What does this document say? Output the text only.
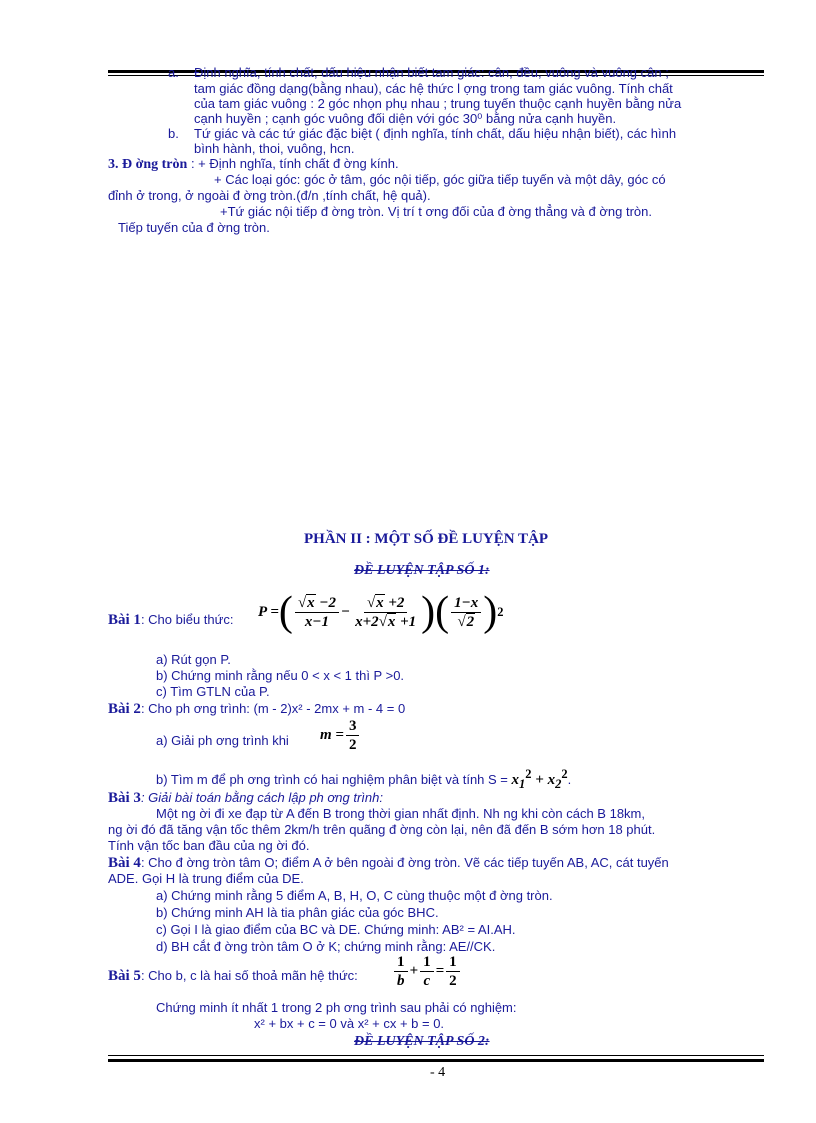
a. Định nghĩa, tính chất, dấu hiệu nhận biết tam giác: cân, đều, vuông và vuông cân ;
tam giác đồng dạng(bằng nhau), các hệ thức l ợng trong tam giác vuông. Tính chất
của tam giác vuông : 2 góc nhọn phụ nhau ; trung tuyến thuộc cạnh huyền bằng nửa
cạnh huyền ; cạnh góc vuông đối diện với góc 30⁰ bằng nửa cạnh huyền.
b. Tứ giác và các tứ giác đặc biệt ( định nghĩa, tính chất, dấu hiệu nhận biết), các hình
bình hành, thoi, vuông, hcn.
3. Đ ờng tròn : + Định nghĩa, tính chất đ ờng kính.
+ Các loại góc: góc ở tâm, góc nội tiếp, góc giữa tiếp tuyến và một dây, góc có
đỉnh ở trong, ở ngoài đ ờng tròn.(đ/n ,tính chất, hệ quả).
+Tứ giác nội tiếp đ ờng tròn. Vị trí t ơng đối của đ ờng thẳng và đ ờng tròn.
Tiếp tuyến của đ ờng tròn.
PHẦN II : MỘT SỐ ĐỀ LUYỆN TẬP
ĐỀ LUYỆN TẬP SỐ 1:
Bài 1: Cho biểu thức: P = ( $\frac{√x -2}{x-1} - \frac{√x +2}{x+2√x +1}$ ) ( $\frac{1-x}{√2}$ ) 2
a) Rút gọn P.
b) Chứng minh rằng nếu 0 < x < 1 thì P >0.
c) Tìm GTLN của P.
Bài 2: Cho ph ơng trình: (m - 2)x² - 2mx + m - 4 = 0
a) Giải ph ơng trình khi $m = \frac{3}{2}$
b) Tìm m để ph ơng trình có hai nghiệm phân biệt và tính $S = x_1^2 + x_2^2$.
Bài 3: Giải bài toán bằng cách lập ph ơng trình:
Một ng ời đi xe đạp từ A đến B trong thời gian nhất định. Nh ng khi còn cách B 18km,
ng ời đó đã tăng vận tốc thêm 2km/h trên quãng đ ờng còn lại, nên đã đến B sớm hơn 18 phút.
Tính vận tốc ban đầu của ng ời đó.
Bài 4: Cho đ ờng tròn tâm O; điểm A ở bên ngoài đ ờng tròn. Vẽ các tiếp tuyến AB, AC, cát tuyến
ADE. Gọi H là trung điểm của DE.
a) Chứng minh rằng 5 điểm A, B, H, O, C cùng thuộc một đ ờng tròn.
b) Chứng minh AH là tia phân giác của góc BHC.
c) Gọi I là giao điểm của BC và DE. Chứng minh: AB² = AI.AH.
d) BH cắt đ ờng tròn tâm O ở K; chứng minh rằng: AE//CK.
Bài 5: Cho b, c là hai số thoả mãn hệ thức: $\frac{1}{b} + \frac{1}{c} = \frac{1}{2}$
Chứng minh ít nhất 1 trong 2 ph ơng trình sau phải có nghiệm:
x² + bx + c = 0 và x² + cx + b = 0.
ĐỀ LUYỆN TẬP SỐ 2:
- 4
